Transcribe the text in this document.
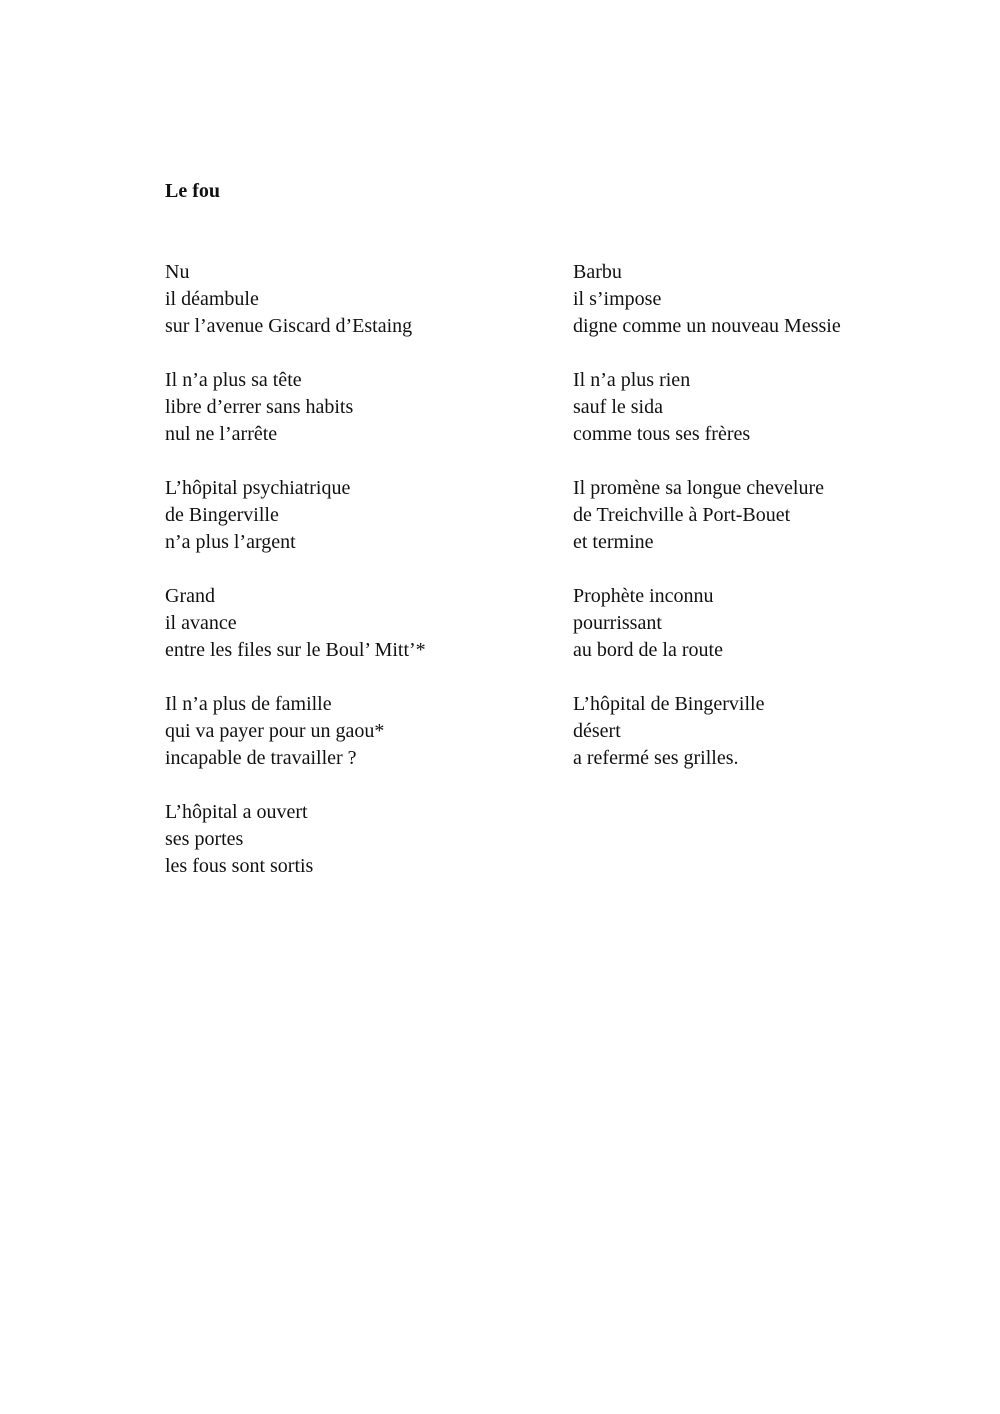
Le fou
Nu
il déambule
sur l’avenue Giscard d’Estaing
Il n’a plus sa tête
libre d’errer sans habits
nul ne l’arrête
L’hôpital psychiatrique
de Bingerville
n’a plus l’argent
Grand
il avance
entre les files sur le Boul’ Mitt’*
Il n’a plus de famille
qui va payer pour un gaou*
incapable de travailler ?
L’hôpital a ouvert
ses portes
les fous sont sortis
Barbu
il s’impose
digne comme un nouveau Messie
Il n’a plus rien
sauf le sida
comme tous ses frères
Il promène sa longue chevelure
de Treichville à Port-Bouet
et termine
Prophète inconnu
pourrissant
au bord de la route
L’hôpital de Bingerville
désert
a refermé ses grilles.
